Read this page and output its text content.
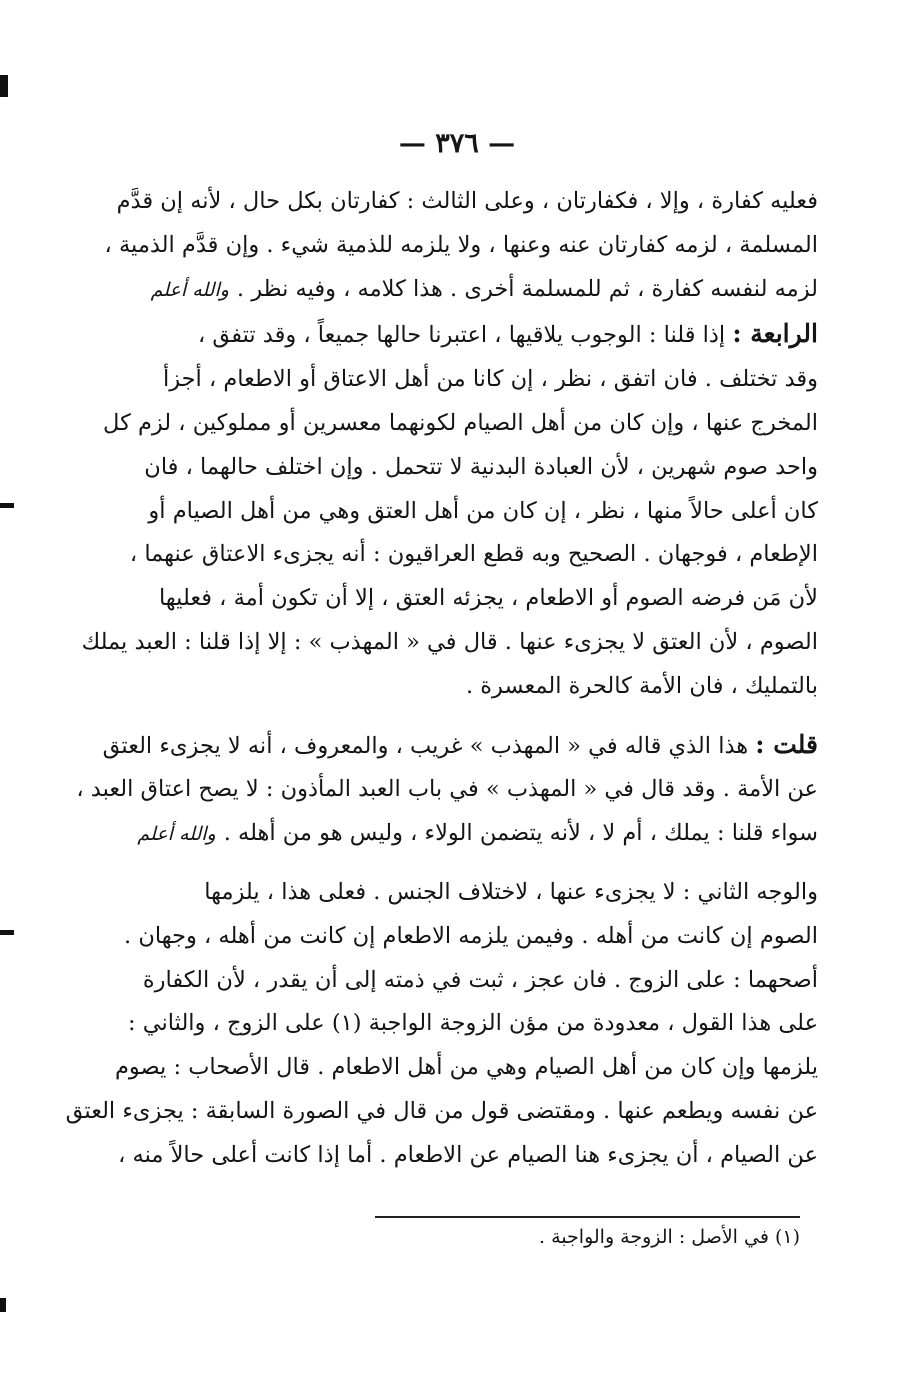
— ٣٧٦ —

فعليه كفارة ، وإلا ، فكفارتان ، وعلى الثالث : كفارتان بكل حال ، لأنه إن قدَّم

المسلمة ، لزمه كفارتان عنه وعنها ، ولا يلزمه للذمية شيء . وإن قدَّم الذمية ،

لزمه لنفسه كفارة ، ثم للمسلمة أخرى . هذا كلامه ، وفيه نظر .والله أعلم

الرابعة : إذا قلنا : الوجوب يلاقيها ، اعتبرنا حالها جميعاً ، وقد تتفق ،

وقد تختلف . فان اتفق ، نظر ، إن كانا من أهل الاعتاق أو الاطعام ، أجزأ

المخرج عنها ، وإن كان من أهل الصيام لكونهما معسرين أو مملوكين ، لزم كل

واحد صوم شهرين ، لأن العبادة البدنية لا تتحمل . وإن اختلف حالهما ، فان

كان أعلى حالاً منها ، نظر ، إن كان من أهل العتق وهي من أهل الصيام أو

الإطعام ، فوجهان . الصحيح وبه قطع العراقيون : أنه يجزىء الاعتاق عنهما ،

لأن مَن فرضه الصوم أو الاطعام ، يجزئه العتق ، إلا أن تكون أمة ، فعليها

الصوم ، لأن العتق لا يجزىء عنها . قال في « المهذب » : إلا إذا قلنا : العبد يملك

بالتمليك ، فان الأمة كالحرة المعسرة .

قلت : هذا الذي قاله في « المهذب » غريب ، والمعروف ، أنه لا يجزىء العتق

عن الأمة . وقد قال في « المهذب » في باب العبد المأذون : لا يصح اعتاق العبد ،

سواء قلنا : يملك ، أم لا ، لأنه يتضمن الولاء ، وليس هو من أهله .والله أعلم

والوجه الثاني : لا يجزىء عنها ، لاختلاف الجنس . فعلى هذا ، يلزمها

الصوم إن كانت من أهله . وفيمن يلزمه الاطعام إن كانت من أهله ، وجهان .

أصحهما : على الزوج . فان عجز ، ثبت في ذمته إلى أن يقدر ، لأن الكفارة

على هذا القول ، معدودة من مؤن الزوجة الواجبة (١) على الزوج ، والثاني :

يلزمها وإن كان من أهل الصيام وهي من أهل الاطعام . قال الأصحاب : يصوم

عن نفسه ويطعم عنها . ومقتضى قول من قال في الصورة السابقة : يجزىء العتق

عن الصيام ، أن يجزىء هنا الصيام عن الاطعام . أما إذا كانت أعلى حالاً منه ،

(١) في الأصل : الزوجة والواجبة .
